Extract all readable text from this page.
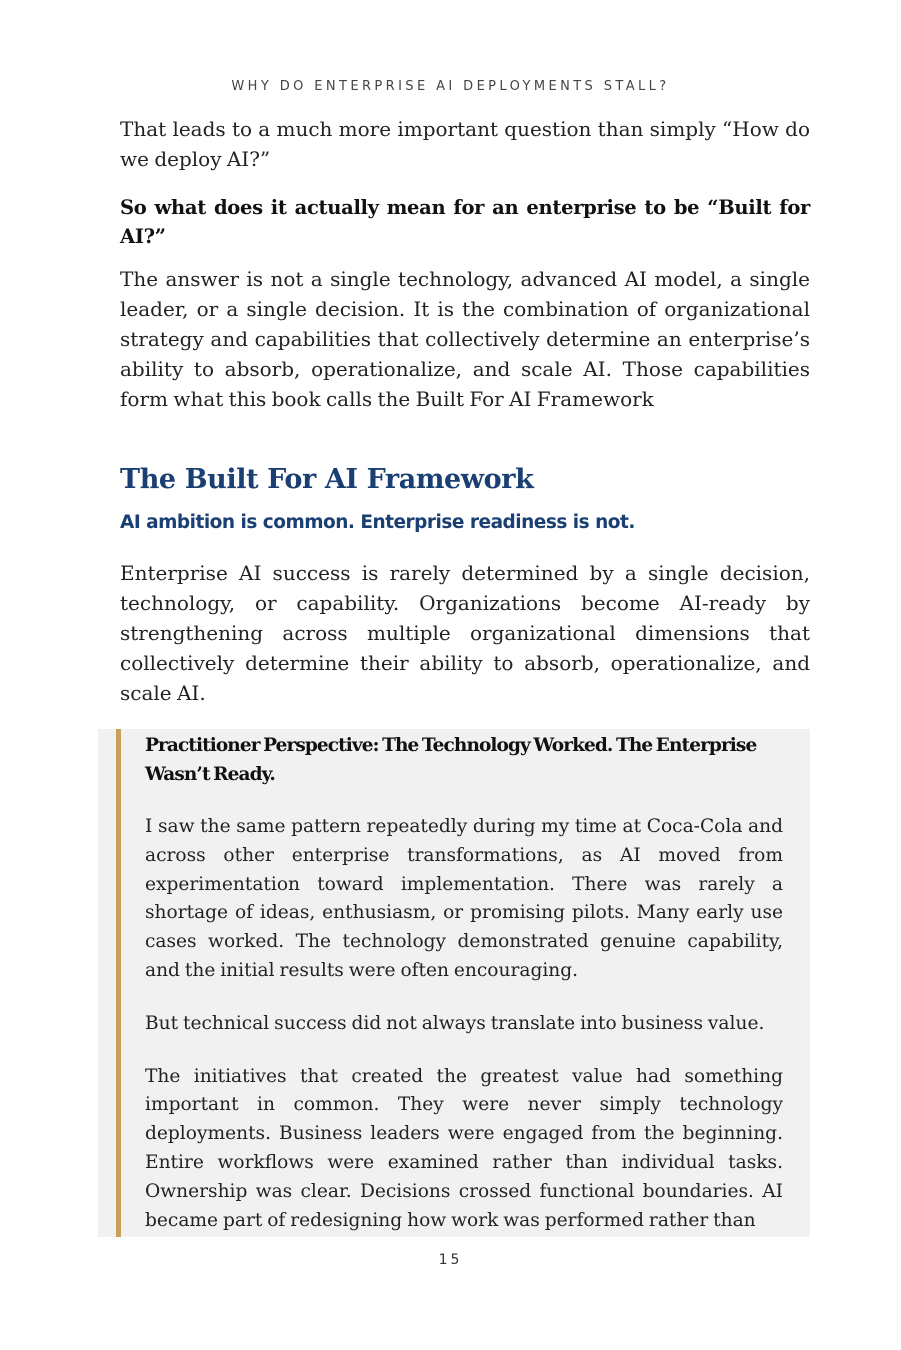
WHY DO ENTERPRISE AI DEPLOYMENTS STALL?

That leads to a much more important question than simply “How do we deploy AI?”

So what does it actually mean for an enterprise to be “Built for AI?”

The answer is not a single technology, advanced AI model, a single leader, or a single decision. It is the combination of organizational strategy and capabilities that collectively determine an enterprise’s ability to absorb, operationalize, and scale AI. Those capabilities form what this book calls the Built For AI Framework

The Built For AI Framework
AI ambition is common. Enterprise readiness is not.

Enterprise AI success is rarely determined by a single decision, technology, or capability. Organizations become AI-ready by strengthening across multiple organizational dimensions that collectively determine their ability to absorb, operationalize, and scale AI.

Practitioner Perspective: The Technology Worked. The Enterprise Wasn’t Ready.

I saw the same pattern repeatedly during my time at Coca-Cola and across other enterprise transformations, as AI moved from experimentation toward implementation. There was rarely a shortage of ideas, enthusiasm, or promising pilots. Many early use cases worked. The technology demonstrated genuine capability, and the initial results were often encouraging.

But technical success did not always translate into business value.

The initiatives that created the greatest value had something important in common. They were never simply technology deployments. Business leaders were engaged from the beginning. Entire workflows were examined rather than individual tasks. Ownership was clear. Decisions crossed functional boundaries. AI became part of redesigning how work was performed rather than

15
